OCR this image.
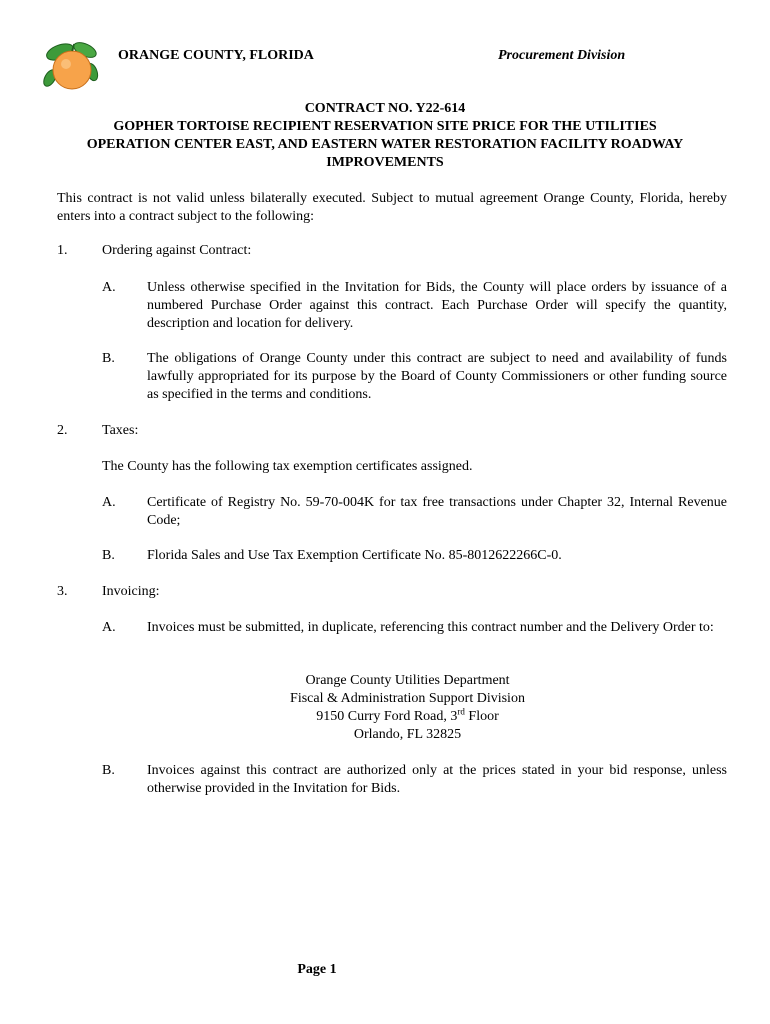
ORANGE COUNTY, FLORIDA	Procurement Division
CONTRACT NO. Y22-614
GOPHER TORTOISE RECIPIENT RESERVATION SITE PRICE FOR THE UTILITIES
OPERATION CENTER EAST, AND EASTERN WATER RESTORATION FACILITY ROADWAY
IMPROVEMENTS
This contract is not valid unless bilaterally executed. Subject to mutual agreement Orange County, Florida, hereby enters into a contract subject to the following:
1. Ordering against Contract:
A. Unless otherwise specified in the Invitation for Bids, the County will place orders by issuance of a numbered Purchase Order against this contract. Each Purchase Order will specify the quantity, description and location for delivery.
B. The obligations of Orange County under this contract are subject to need and availability of funds lawfully appropriated for its purpose by the Board of County Commissioners or other funding source as specified in the terms and conditions.
2. Taxes:
The County has the following tax exemption certificates assigned.
A. Certificate of Registry No. 59-70-004K for tax free transactions under Chapter 32, Internal Revenue Code;
B. Florida Sales and Use Tax Exemption Certificate No. 85-8012622266C-0.
3. Invoicing:
A. Invoices must be submitted, in duplicate, referencing this contract number and the Delivery Order to:
Orange County Utilities Department
Fiscal & Administration Support Division
9150 Curry Ford Road, 3rd Floor
Orlando, FL 32825
B. Invoices against this contract are authorized only at the prices stated in your bid response, unless otherwise provided in the Invitation for Bids.
Page 1
